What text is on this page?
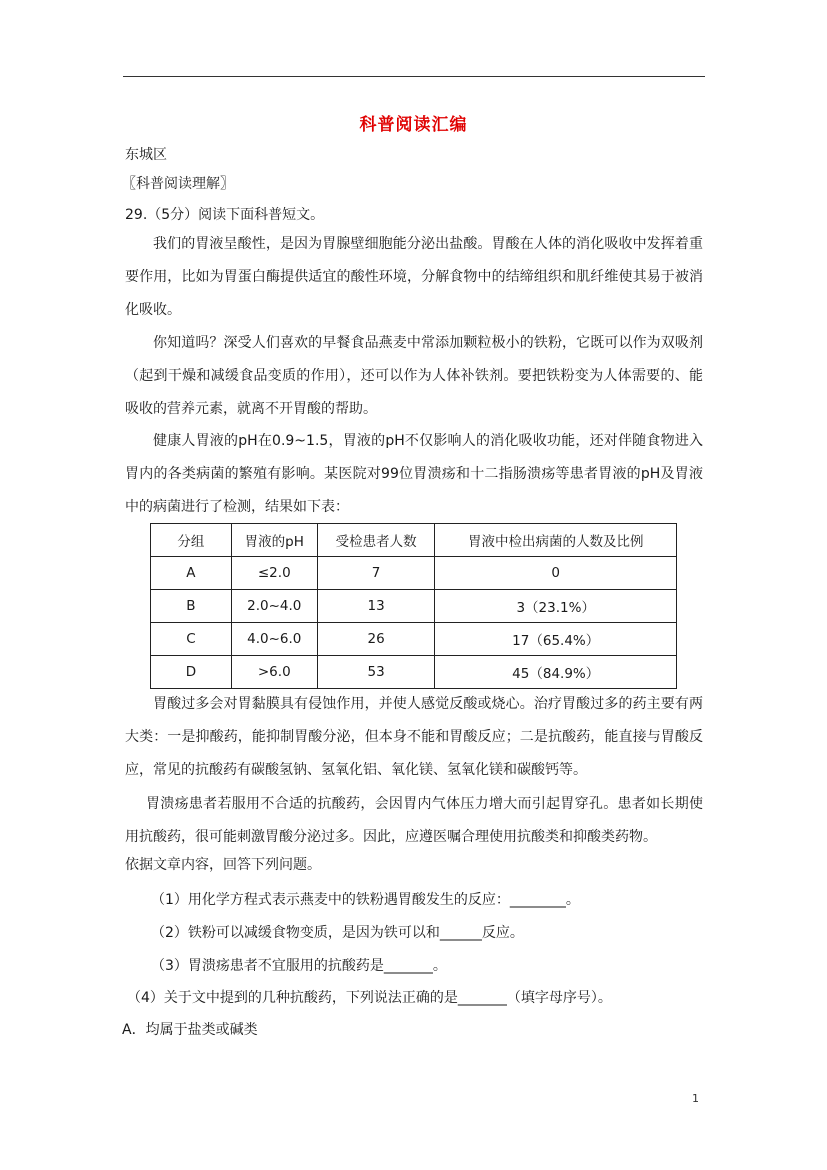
科普阅读汇编
东城区
〖科普阅读理解〗
29.（5分）阅读下面科普短文。
我们的胃液呈酸性，是因为胃腺壁细胞能分泌出盐酸。胃酸在人体的消化吸收中发挥着重要作用，比如为胃蛋白酶提供适宜的酸性环境，分解食物中的结缔组织和肌纤维使其易于被消化吸收。
你知道吗？深受人们喜欢的早餐食品燕麦中常添加颗粒极小的铁粉，它既可以作为双吸剂（起到干燥和减缓食品变质的作用），还可以作为人体补铁剂。要把铁粉变为人体需要的、能吸收的营养元素，就离不开胃酸的帮助。
健康人胃液的pH在0.9~1.5，胃液的pH不仅影响人的消化吸收功能，还对伴随食物进入胃内的各类病菌的繁殖有影响。某医院对99位胃溃疡和十二指肠溃疡等患者胃液的pH及胃液中的病菌进行了检测，结果如下表：
分组	胃液的pH	受检患者人数	胃液中检出病菌的人数及比例
A	≤2.0	7	0
B	2.0~4.0	13	3（23.1%）
C	4.0~6.0	26	17（65.4%）
D	>6.0	53	45（84.9%）
胃酸过多会对胃黏膜具有侵蚀作用，并使人感觉反酸或烧心。治疗胃酸过多的药主要有两大类：一是抑酸药，能抑制胃酸分泌，但本身不能和胃酸反应；二是抗酸药，能直接与胃酸反应，常见的抗酸药有碳酸氢钠、氢氧化铝、氧化镁、氢氧化镁和碳酸钙等。
胃溃疡患者若服用不合适的抗酸药，会因胃内气体压力增大而引起胃穿孔。患者如长期使用抗酸药，很可能刺激胃酸分泌过多。因此，应遵医嘱合理使用抗酸类和抑酸类药物。
依据文章内容，回答下列问题。
（1）用化学方程式表示燕麦中的铁粉遇胃酸发生的反应：________。
（2）铁粉可以减缓食物变质，是因为铁可以和______反应。
（3）胃溃疡患者不宜服用的抗酸药是_______。
（4）关于文中提到的几种抗酸药，下列说法正确的是_______（填字母序号）。
A．均属于盐类或碱类
1
